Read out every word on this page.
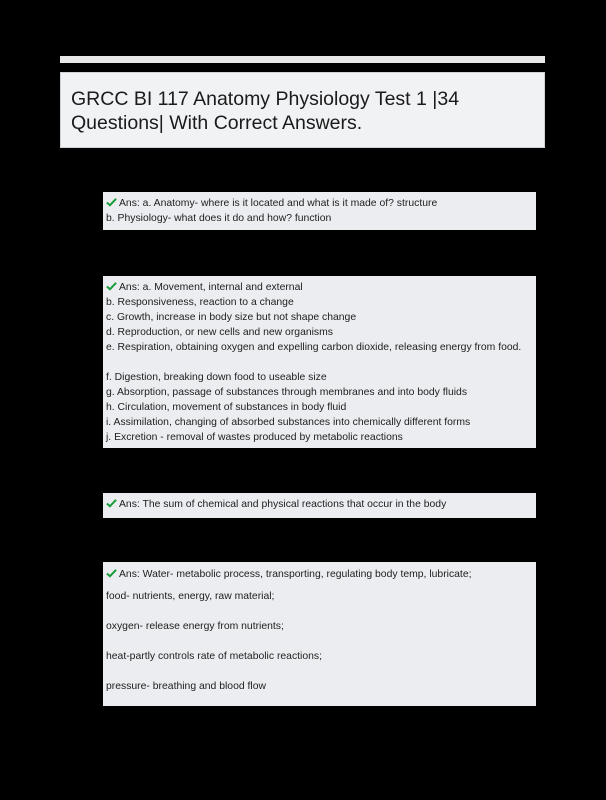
GRCC BI 117 Anatomy Physiology Test 1 |34
Questions| With Correct Answers.
Ans: a. Anatomy- where is it located and what is it made of? structure
b. Physiology- what does it do and how? function
Ans: a. Movement, internal and external
b. Responsiveness, reaction to a change
c. Growth, increase in body size but not shape change
d. Reproduction, or new cells and new organisms
e. Respiration, obtaining oxygen and expelling carbon dioxide, releasing energy from food.
f. Digestion, breaking down food to useable size
g. Absorption, passage of substances through membranes and into body fluids
h. Circulation, movement of substances in body fluid
i. Assimilation, changing of absorbed substances into chemically different forms
j. Excretion - removal of wastes produced by metabolic reactions
Ans: The sum of chemical and physical reactions that occur in the body
Ans: Water- metabolic process, transporting, regulating body temp, lubricate;
food- nutrients, energy, raw material;
oxygen- release energy from nutrients;
heat-partly controls rate of metabolic reactions;
pressure- breathing and blood flow
